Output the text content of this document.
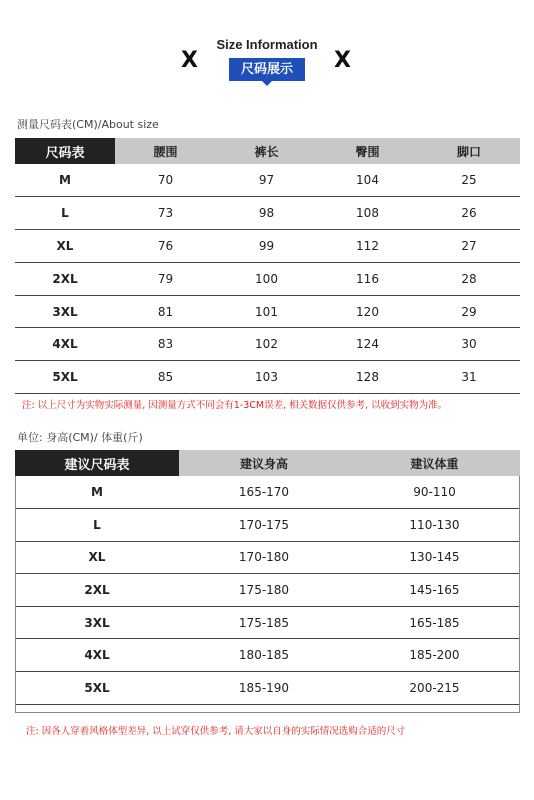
Size Information
X	X
尺码展示
测量尺码表(CM)/About size
尺码表	腰围	裤长	臀围	脚口
M	70	97	104	25
L	73	98	108	26
XL	76	99	112	27
2XL	79	100	116	28
3XL	81	101	120	29
4XL	83	102	124	30
5XL	85	103	128	31
注: 以上尺寸为实物实际测量, 因测量方式不同会有1-3CM误差, 相关数据仅供参考, 以收到实物为准。
单位: 身高(CM)/ 体重(斤)
建议尺码表	建议身高	建议体重
M	165-170	90-110
L	170-175	110-130
XL	170-180	130-145
2XL	175-180	145-165
3XL	175-185	165-185
4XL	180-185	185-200
5XL	185-190	200-215
注: 因各人穿着风格体型差异, 以上试穿仅供参考, 请大家以自身的实际情况选购合适的尺寸
